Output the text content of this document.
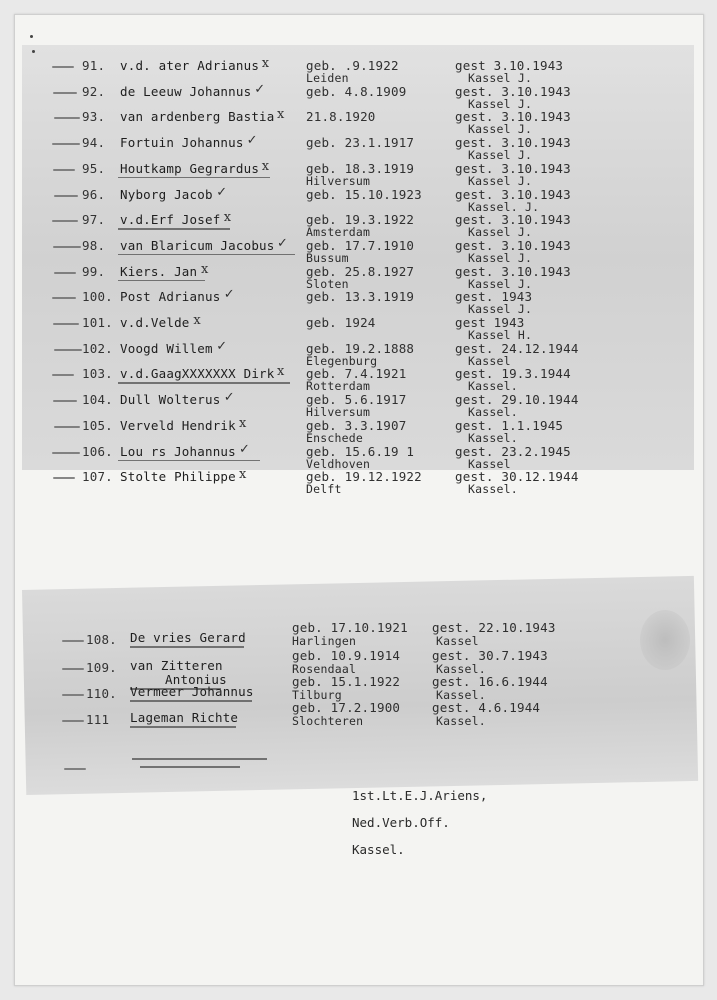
91. v.d. ater Adrianus	geb. .9.1922	gest 3.10.1943
Leiden	Kassel J.
x
92. de Leeuw Johannus	geb. 4.8.1909	gest. 3.10.1943
Kassel J.
✓
93. van ardenberg Bastia	21.8.1920	gest. 3.10.1943
Kassel J.
x
94. Fortuin Johannus	geb. 23.1.1917	gest. 3.10.1943
Kassel J.
✓
95. Houtkamp Gegrardus	geb. 18.3.1919	gest. 3.10.1943
Hilversum	Kassel J.
x
96. Nyborg Jacob	geb. 15.10.1923	gest. 3.10.1943
Kassel. J.
✓
97. v.d.Erf Josef	geb. 19.3.1922	gest. 3.10.1943
Amsterdam	Kassel J.
x
98. van Blaricum Jacobus	geb. 17.7.1910	gest. 3.10.1943
Bussum	Kassel J.
✓
99. Kiers. Jan	geb. 25.8.1927	gest. 3.10.1943
Sloten	Kassel J.
x
100. Post Adrianus	geb. 13.3.1919	gest. 1943
Kassel J.
✓
101. v.d.Velde	geb. 1924	gest 1943
Kassel H.
x
102. Voogd Willem	geb. 19.2.1888	gest. 24.12.1944
Elegenburg	Kassel
✓
103. v.d.GaagXXXXXXX Dirk	geb. 7.4.1921	gest. 19.3.1944
Rotterdam	Kassel.
x
104. Dull Wolterus	geb. 5.6.1917	gest. 29.10.1944
Hilversum	Kassel.
✓
105. Verveld Hendrik	geb. 3.3.1907	gest. 1.1.1945
Enschede	Kassel.
x
106. Lou rs Johannus	geb. 15.6.19 1	gest. 23.2.1945
Veldhoven	Kassel
✓
107. Stolte Philippe	geb. 19.12.1922	gest. 30.12.1944
Delft	Kassel.
x
108. De vries Gerard
geb. 17.10.1921
Harlingen
gest. 22.10.1943
Kassel
109. van Zitteren
Antonius
geb. 10.9.1914
Rosendaal
gest. 30.7.1943
Kassel.
110. Vermeer Johannus
geb. 15.1.1922
Tilburg
gest. 16.6.1944
Kassel.
111 Lageman Richte
geb. 17.2.1900
Slochteren
gest. 4.6.1944
Kassel.
1st.Lt.E.J.Ariens,
Ned.Verb.Off.
Kassel.
